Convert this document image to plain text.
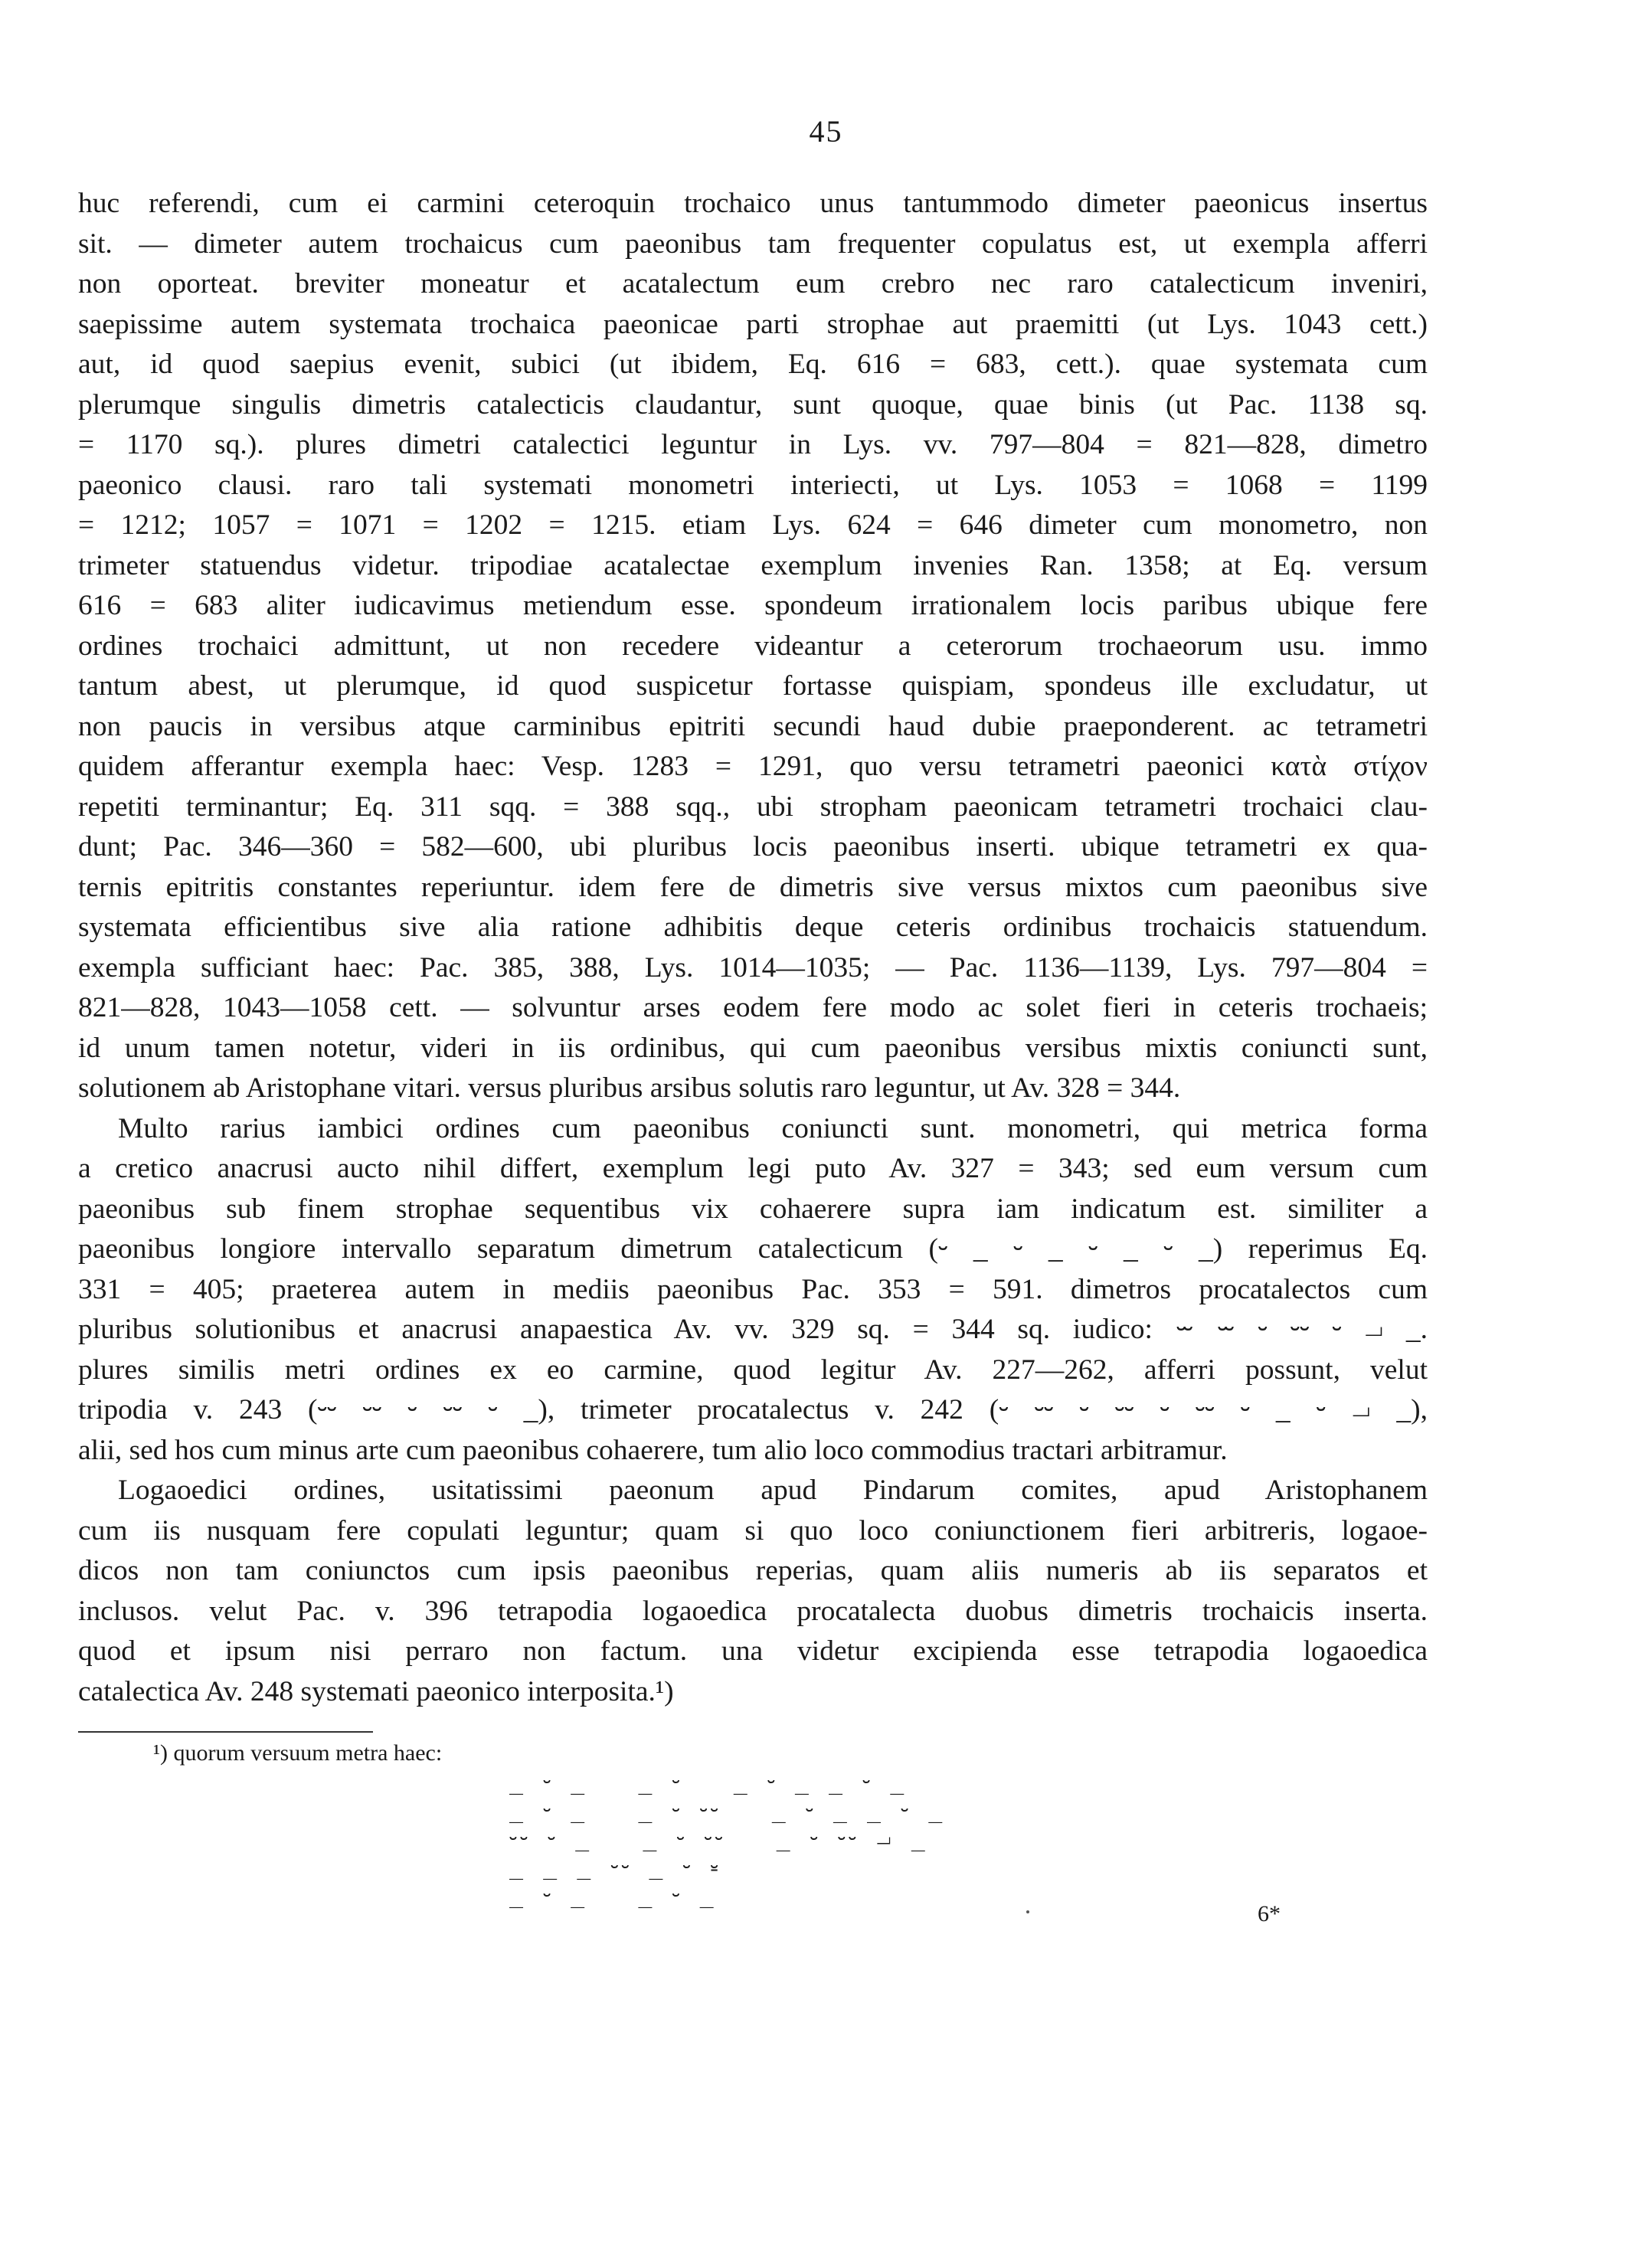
45
huc referendi, cum ei carmini ceteroquin trochaico unus tantummodo dimeter paeonicus insertus
sit. — dimeter autem trochaicus cum paeonibus tam frequenter copulatus est, ut exempla afferri
non oporteat. breviter moneatur et acatalectum eum crebro nec raro catalecticum inveniri,
saepissime autem systemata trochaica paeonicae parti strophae aut praemitti (ut Lys. 1043 cett.)
aut, id quod saepius evenit, subici (ut ibidem, Eq. 616 = 683, cett.). quae systemata cum
plerumque singulis dimetris catalecticis claudantur, sunt quoque, quae binis (ut Pac. 1138 sq.
= 1170 sq.). plures dimetri catalectici leguntur in Lys. vv. 797—804 = 821—828, dimetro
paeonico clausi. raro tali systemati monometri interiecti, ut Lys. 1053 = 1068 = 1199
= 1212; 1057 = 1071 = 1202 = 1215. etiam Lys. 624 = 646 dimeter cum monometro, non
trimeter statuendus videtur. tripodiae acatalectae exemplum invenies Ran. 1358; at Eq. versum
616 = 683 aliter iudicavimus metiendum esse. spondeum irrationalem locis paribus ubique fere
ordines trochaici admittunt, ut non recedere videantur a ceterorum trochaeorum usu. immo
tantum abest, ut plerumque, id quod suspicetur fortasse quispiam, spondeus ille excludatur, ut
non paucis in versibus atque carminibus epitriti secundi haud dubie praeponderent. ac tetrametri
quidem afferantur exempla haec: Vesp. 1283 = 1291, quo versu tetrametri paeonici κατὰ στίχον
repetiti terminantur; Eq. 311 sqq. = 388 sqq., ubi stropham paeonicam tetrametri trochaici clau-
dunt; Pac. 346—360 = 582—600, ubi pluribus locis paeonibus inserti. ubique tetrametri ex qua-
ternis epitritis constantes reperiuntur. idem fere de dimetris sive versus mixtos cum paeonibus sive
systemata efficientibus sive alia ratione adhibitis deque ceteris ordinibus trochaicis statuendum.
exempla sufficiant haec: Pac. 385, 388, Lys. 1014—1035; — Pac. 1136—1139, Lys. 797—804 =
821—828, 1043—1058 cett. — solvuntur arses eodem fere modo ac solet fieri in ceteris trochaeis;
id unum tamen notetur, videri in iis ordinibus, qui cum paeonibus versibus mixtis coniuncti sunt,
solutionem ab Aristophane vitari. versus pluribus arsibus solutis raro leguntur, ut Av. 328 = 344.
Multo rarius iambici ordines cum paeonibus coniuncti sunt. monometri, qui metrica forma
a cretico anacrusi aucto nihil differt, exemplum legi puto Av. 327 = 343; sed eum versum cum
paeonibus sub finem strophae sequentibus vix cohaerere supra iam indicatum est. similiter a
paeonibus longiore intervallo separatum dimetrum catalecticum (⏑ _ ⏑ _ ⏑ _ ⏑ _) reperimus Eq.
331 = 405; praeterea autem in mediis paeonibus Pac. 353 = 591. dimetros procatalectos cum
pluribus solutionibus et anacrusi anapaestica Av. vv. 329 sq. = 344 sq. iudico: ⏖ ⏖ ⏑ ⏑⏑ ⏑ ⏗ _.
plures similis metri ordines ex eo carmine, quod legitur Av. 227—262, afferri possunt, velut
tripodia v. 243 (⏑⏑ ⏑⏑ ⏑ ⏑⏑ ⏑ _), trimeter procatalectus v. 242 (⏑ ⏑⏑ ⏑ ⏑⏑ ⏑ ⏑⏑ ⏑ _ ⏑ ⏗ _),
alii, sed hos cum minus arte cum paeonibus cohaerere, tum alio loco commodius tractari arbitramur.
Logaoedici ordines, usitatissimi paeonum apud Pindarum comites, apud Aristophanem
cum iis nusquam fere copulati leguntur; quam si quo loco coniunctionem fieri arbitreris, logaoe-
dicos non tam coniunctos cum ipsis paeonibus reperias, quam aliis numeris ab iis separatos et
inclusos. velut Pac. v. 396 tetrapodia logaoedica procatalecta duobus dimetris trochaicis inserta.
quod et ipsum nisi perraro non factum. una videtur excipienda esse tetrapodia logaoedica
catalectica Av. 248 systemati paeonico interposita.¹)
¹) quorum versuum metra haec:
_ ⏑ _   _ ⏑   _ ⏑ _ _ ⏑ _
_ ⏑ _   _ ⏑ ⏑⏑   _ ⏑ _ _ ⏑ _
⏑⏑ ⏑ _   _ ⏑ ⏑⏑   _ ⏑ ⏑⏑ ⏗ _
_ _ _ ⏑⏑ _ ⏑ ⏓
_ ⏑ _   _ ⏑ _
6*
